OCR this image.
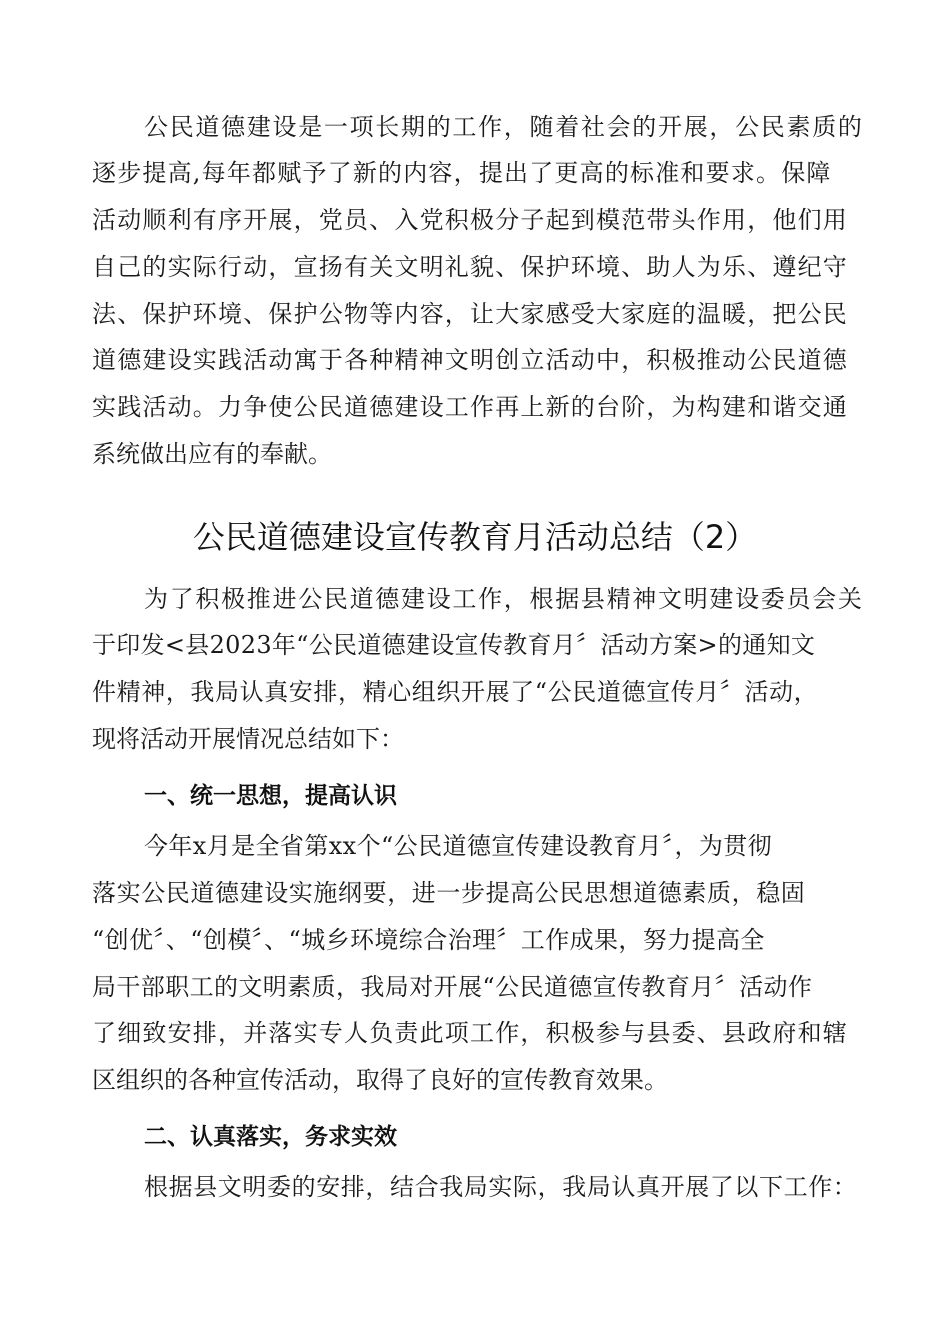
公民道德建设是一项长期的工作，随着社会的开展，公民素质的
逐步提高,每年都赋予了新的内容，提出了更高的标准和要求。保障
活动顺利有序开展，党员、入党积极分子起到模范带头作用，他们用
自己的实际行动，宣扬有关文明礼貌、保护环境、助人为乐、遵纪守
法、保护环境、保护公物等内容，让大家感受大家庭的温暖，把公民
道德建设实践活动寓于各种精神文明创立活动中，积极推动公民道德
实践活动。力争使公民道德建设工作再上新的台阶，为构建和谐交通
系统做出应有的奉献。
公民道德建设宣传教育月活动总结（2）
为了积极推进公民道德建设工作，根据县精神文明建设委员会关
于印发<县2023年“公民道德建设宣传教育月〞活动方案>的通知文
件精神，我局认真安排，精心组织开展了“公民道德宣传月〞活动，
现将活动开展情况总结如下：
一、统一思想，提高认识
今年x月是全省第xx个“公民道德宣传建设教育月〞，为贯彻
落实公民道德建设实施纲要，进一步提高公民思想道德素质，稳固
“创优〞、“创模〞、“城乡环境综合治理〞工作成果，努力提高全
局干部职工的文明素质，我局对开展“公民道德宣传教育月〞活动作
了细致安排，并落实专人负责此项工作，积极参与县委、县政府和辖
区组织的各种宣传活动，取得了良好的宣传教育效果。
二、认真落实，务求实效
根据县文明委的安排，结合我局实际，我局认真开展了以下工作：
